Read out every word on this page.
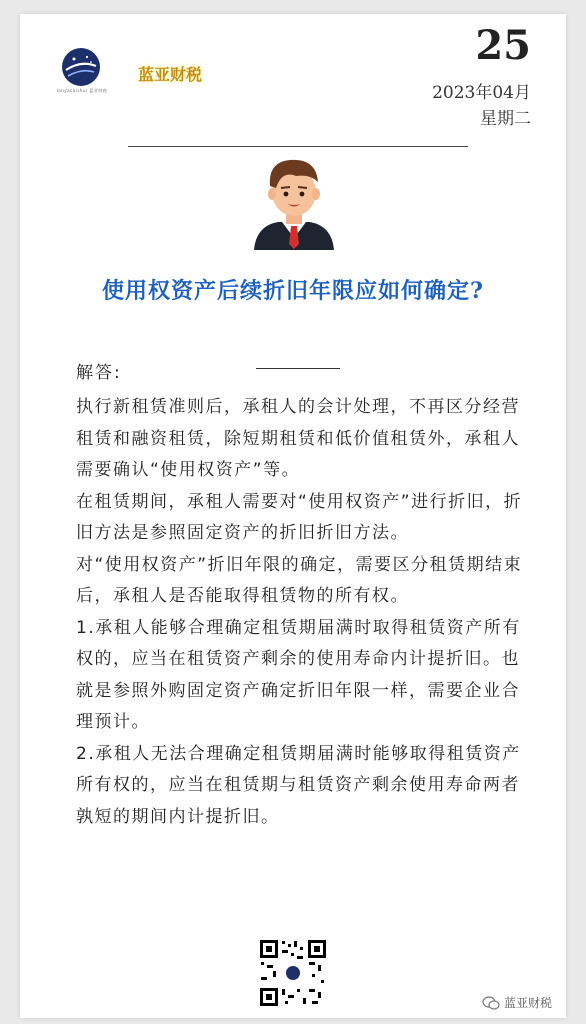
lanyacaishui 蓝亚财税
蓝亚财税
25
2023年04月
星期二
使用权资产后续折旧年限应如何确定?
解答:

执行新租赁准则后，承租人的会计处理，不再区分经营租赁和融资租赁，除短期租赁和低价值租赁外，承租人需要确认“使用权资产”等。

在租赁期间，承租人需要对“使用权资产”进行折旧，折旧方法是参照固定资产的折旧折旧方法。

对“使用权资产”折旧年限的确定，需要区分租赁期结束后，承租人是否能取得租赁物的所有权。

1.承租人能够合理确定租赁期届满时取得租赁资产所有权的，应当在租赁资产剩余的使用寿命内计提折旧。也就是参照外购固定资产确定折旧年限一样，需要企业合理预计。

2.承租人无法合理确定租赁期届满时能够取得租赁资产所有权的，应当在租赁期与租赁资产剩余使用寿命两者孰短的期间内计提折旧。

蓝亚财税
